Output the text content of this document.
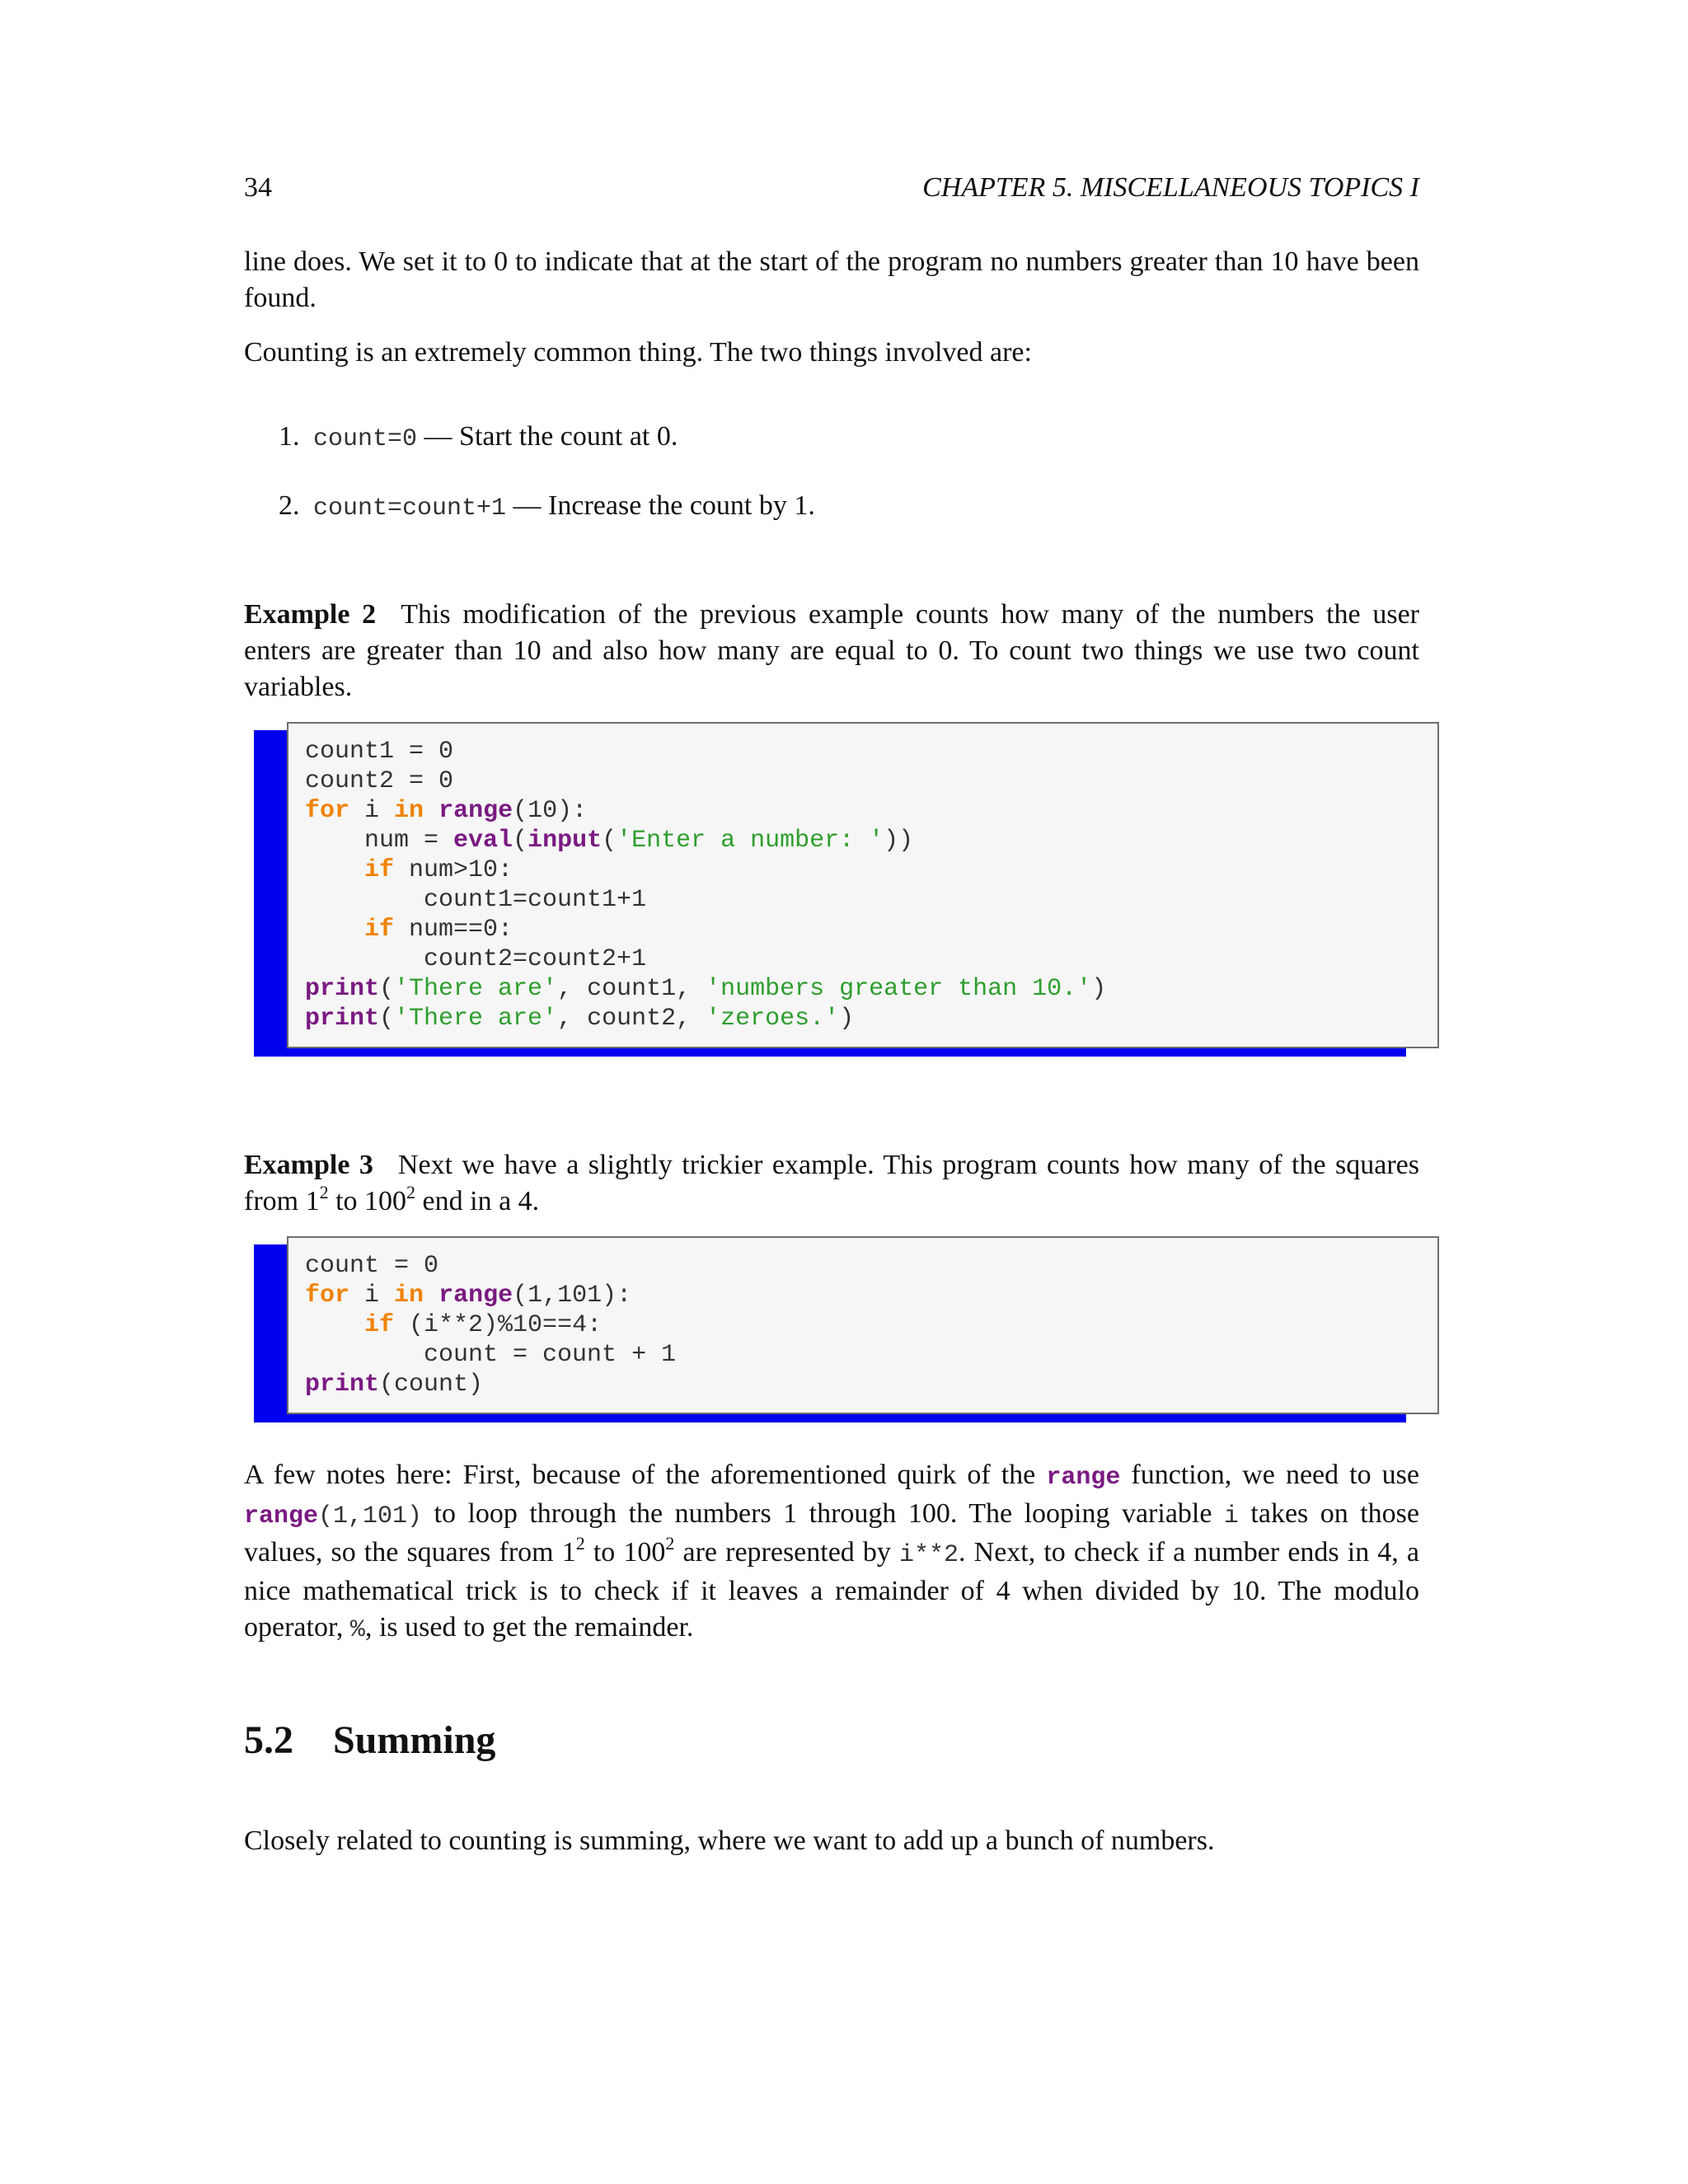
34	CHAPTER 5. MISCELLANEOUS TOPICS I

line does. We set it to 0 to indicate that at the start of the program no numbers greater than 10 have been found.

Counting is an extremely common thing. The two things involved are:

1. count=0 — Start the count at 0.
2. count=count+1 — Increase the count by 1.

Example 2 This modification of the previous example counts how many of the numbers the user enters are greater than 10 and also how many are equal to 0. To count two things we use two count variables.

count1 = 0
count2 = 0
for i in range(10):
num = eval(input('Enter a number: '))
if num>10:
count1=count1+1
if num==0:
count2=count2+1
print('There are', count1, 'numbers greater than 10.')
print('There are', count2, 'zeroes.')

Example 3 Next we have a slightly trickier example. This program counts how many of the squares from $1^2$ to $100^2$ end in a 4.

count = 0
for i in range(1,101):
if (i**2)%10==4:
count = count + 1
print(count)

A few notes here: First, because of the aforementioned quirk of the range function, we need to use range(1,101) to loop through the numbers 1 through 100. The looping variable i takes on those values, so the squares from $1^2$ to $100^2$ are represented by i**2. Next, to check if a number ends in 4, a nice mathematical trick is to check if it leaves a remainder of 4 when divided by 10. The modulo operator, %, is used to get the remainder.

5.2 Summing

Closely related to counting is summing, where we want to add up a bunch of numbers.
